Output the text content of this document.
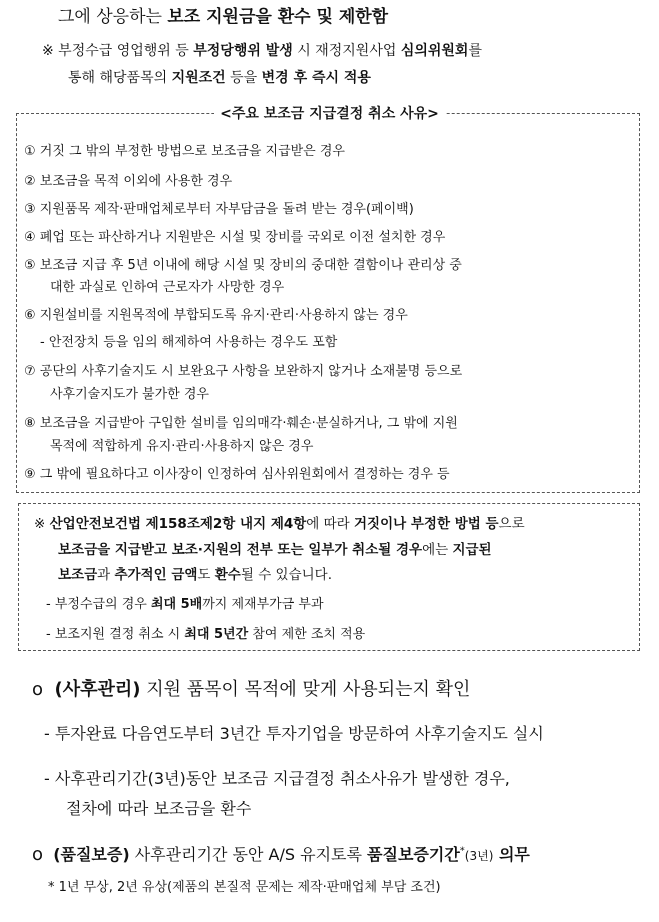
그에 상응하는 보조 지원금을 환수 및 제한함
※ 부정수급 영업행위 등 부정당행위 발생 시 재정지원사업 심의위원회를
통해 해당품목의 지원조건 등을 변경 후 즉시 적용
<주요 보조금 지급결정 취소 사유>
① 거짓 그 밖의 부정한 방법으로 보조금을 지급받은 경우
② 보조금을 목적 이외에 사용한 경우
③ 지원품목 제작·판매업체로부터 자부담금을 돌려 받는 경우(페이백)
④ 폐업 또는 파산하거나 지원받은 시설 및 장비를 국외로 이전 설치한 경우
⑤ 보조금 지급 후 5년 이내에 해당 시설 및 장비의 중대한 결함이나 관리상 중
대한 과실로 인하여 근로자가 사망한 경우
⑥ 지원설비를 지원목적에 부합되도록 유지·관리·사용하지 않는 경우
- 안전장치 등을 임의 해제하여 사용하는 경우도 포함
⑦ 공단의 사후기술지도 시 보완요구 사항을 보완하지 않거나 소재불명 등으로
사후기술지도가 불가한 경우
⑧ 보조금을 지급받아 구입한 설비를 임의매각·훼손·분실하거나, 그 밖에 지원
목적에 적합하게 유지·관리·사용하지 않은 경우
⑨ 그 밖에 필요하다고 이사장이 인정하여 심사위원회에서 결정하는 경우 등
※ 산업안전보건법 제158조제2항 내지 제4항에 따라 거짓이나 부정한 방법 등으로
보조금을 지급받고 보조·지원의 전부 또는 일부가 취소될 경우에는 지급된
보조금과 추가적인 금액도 환수될 수 있습니다.
- 부정수급의 경우 최대 5배까지 제재부가금 부과
- 보조지원 결정 취소 시 최대 5년간 참여 제한 조치 적용
o (사후관리) 지원 품목이 목적에 맞게 사용되는지 확인
- 투자완료 다음연도부터 3년간 투자기업을 방문하여 사후기술지도 실시
- 사후관리기간(3년)동안 보조금 지급결정 취소사유가 발생한 경우,
절차에 따라 보조금을 환수
o (품질보증) 사후관리기간 동안 A/S 유지토록 품질보증기간*(3년) 의무
* 1년 무상, 2년 유상(제품의 본질적 문제는 제작·판매업체 부담 조건)
